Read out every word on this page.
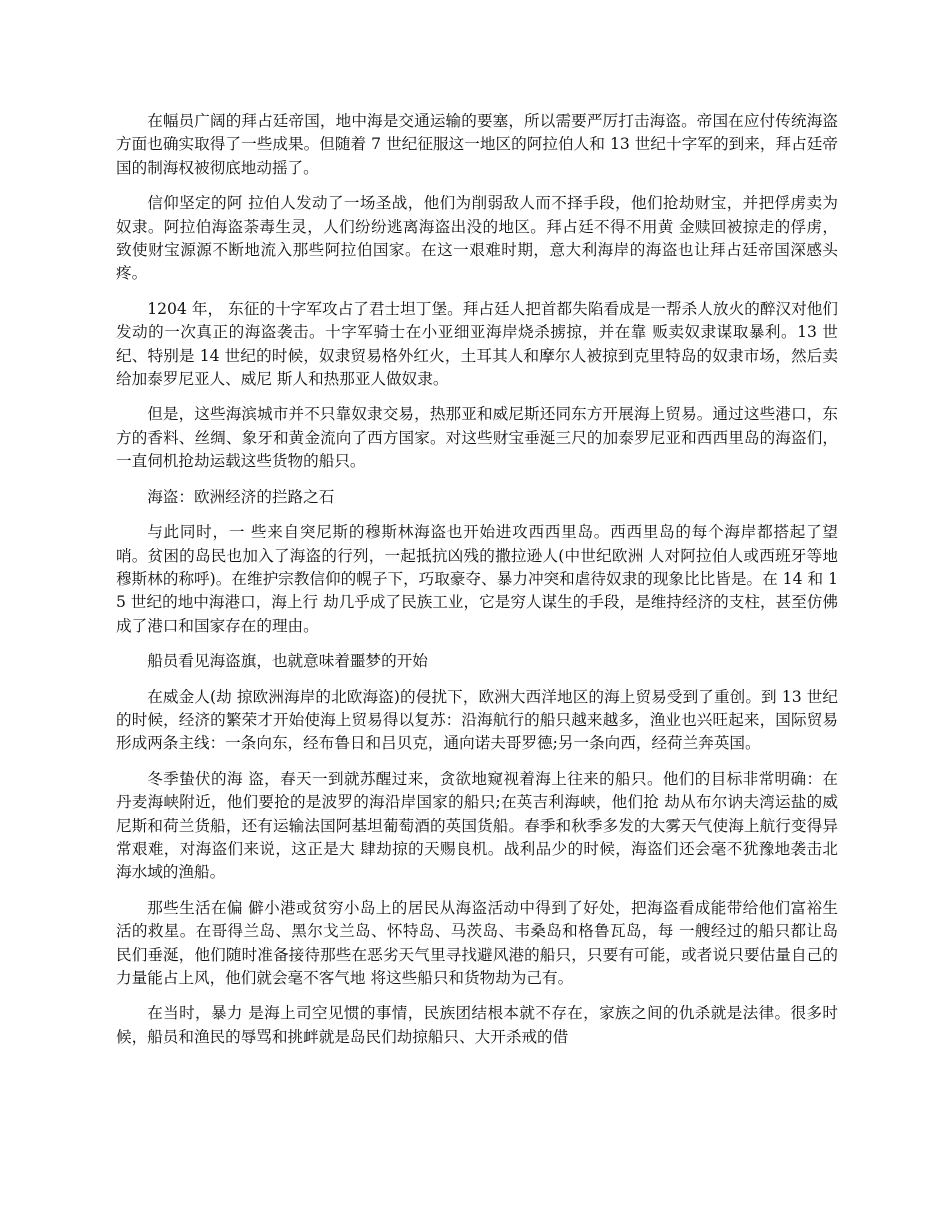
在幅员广阔的拜占廷帝国，地中海是交通运输的要塞，所以需要严厉打击海盗。帝国在应付传统海盗方面也确实取得了一些成果。但随着 7 世纪征服这一地区的阿拉伯人和 13 世纪十字军的到来，拜占廷帝国的制海权被彻底地动摇了。

信仰坚定的阿 拉伯人发动了一场圣战，他们为削弱敌人而不择手段，他们抢劫财宝，并把俘虏卖为奴隶。阿拉伯海盗荼毒生灵，人们纷纷逃离海盗出没的地区。拜占廷不得不用黄 金赎回被掠走的俘虏，致使财宝源源不断地流入那些阿拉伯国家。在这一艰难时期，意大利海岸的海盗也让拜占廷帝国深感头疼。

1204 年， 东征的十字军攻占了君士坦丁堡。拜占廷人把首都失陷看成是一帮杀人放火的醉汉对他们发动的一次真正的海盗袭击。十字军骑士在小亚细亚海岸烧杀掳掠，并在靠 贩卖奴隶谋取暴利。13 世纪、特别是 14 世纪的时候，奴隶贸易格外红火，土耳其人和摩尔人被掠到克里特岛的奴隶市场，然后卖给加泰罗尼亚人、威尼 斯人和热那亚人做奴隶。

但是，这些海滨城市并不只靠奴隶交易，热那亚和威尼斯还同东方开展海上贸易。通过这些港口，东方的香料、丝绸、象牙和黄金流向了西方国家。对这些财宝垂涎三尺的加泰罗尼亚和西西里岛的海盗们，一直伺机抢劫运载这些货物的船只。

海盗：欧洲经济的拦路之石

与此同时，一 些来自突尼斯的穆斯林海盗也开始进攻西西里岛。西西里岛的每个海岸都搭起了望哨。贫困的岛民也加入了海盗的行列，一起抵抗凶残的撒拉逊人(中世纪欧洲 人对阿拉伯人或西班牙等地穆斯林的称呼)。在维护宗教信仰的幌子下，巧取豪夺、暴力冲突和虐待奴隶的现象比比皆是。在 14 和 15 世纪的地中海港口，海上行 劫几乎成了民族工业，它是穷人谋生的手段，是维持经济的支柱，甚至仿佛成了港口和国家存在的理由。

船员看见海盗旗，也就意味着噩梦的开始

在威金人(劫 掠欧洲海岸的北欧海盗)的侵扰下，欧洲大西洋地区的海上贸易受到了重创。到 13 世纪的时候，经济的繁荣才开始使海上贸易得以复苏：沿海航行的船只越来越多，渔业也兴旺起来，国际贸易形成两条主线：一条向东，经布鲁日和吕贝克，通向诺夫哥罗德;另一条向西，经荷兰奔英国。

冬季蛰伏的海 盗，春天一到就苏醒过来，贪欲地窥视着海上往来的船只。他们的目标非常明确：在丹麦海峡附近，他们要抢的是波罗的海沿岸国家的船只;在英吉利海峡，他们抢 劫从布尔讷夫湾运盐的威尼斯和荷兰货船，还有运输法国阿基坦葡萄酒的英国货船。春季和秋季多发的大雾天气使海上航行变得异常艰难，对海盗们来说，这正是大 肆劫掠的天赐良机。战利品少的时候，海盗们还会毫不犹豫地袭击北海水域的渔船。

那些生活在偏 僻小港或贫穷小岛上的居民从海盗活动中得到了好处，把海盗看成能带给他们富裕生活的救星。在哥得兰岛、黑尔戈兰岛、怀特岛、马茨岛、韦桑岛和格鲁瓦岛，每 一艘经过的船只都让岛民们垂涎，他们随时准备接待那些在恶劣天气里寻找避风港的船只，只要有可能，或者说只要估量自己的力量能占上风，他们就会毫不客气地 将这些船只和货物劫为己有。

在当时，暴力 是海上司空见惯的事情，民族团结根本就不存在，家族之间的仇杀就是法律。很多时候，船员和渔民的辱骂和挑衅就是岛民们劫掠船只、大开杀戒的借
